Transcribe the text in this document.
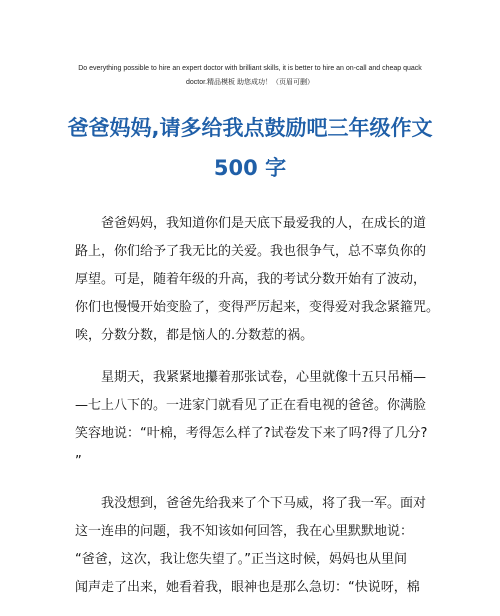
Do everything possible to hire an expert doctor with brilliant skills, it is better to hire an on-call and cheap quack
doctor.精品模板 助您成功！（页眉可删）
爸爸妈妈,请多给我点鼓励吧三年级作文
500 字
　　爸爸妈妈，我知道你们是天底下最爱我的人，在成长的道
路上，你们给予了我无比的关爱。我也很争气，总不辜负你的
厚望。可是，随着年级的升高，我的考试分数开始有了波动，
你们也慢慢开始变脸了，变得严厉起来，变得爱对我念紧箍咒。
唉，分数分数，都是恼人的.分数惹的祸。
　　星期天，我紧紧地攥着那张试卷，心里就像十五只吊桶—
—七上八下的。一进家门就看见了正在看电视的爸爸。你满脸
笑容地说：“叶棉，考得怎么样了?试卷发下来了吗?得了几分?
”
　　我没想到，爸爸先给我来了个下马威，将了我一军。面对
这一连串的问题，我不知该如何回答，我在心里默默地说：
“爸爸，这次，我让您失望了。”正当这时候，妈妈也从里间
闻声走了出来，她看着我，眼神也是那么急切：“快说呀，棉
